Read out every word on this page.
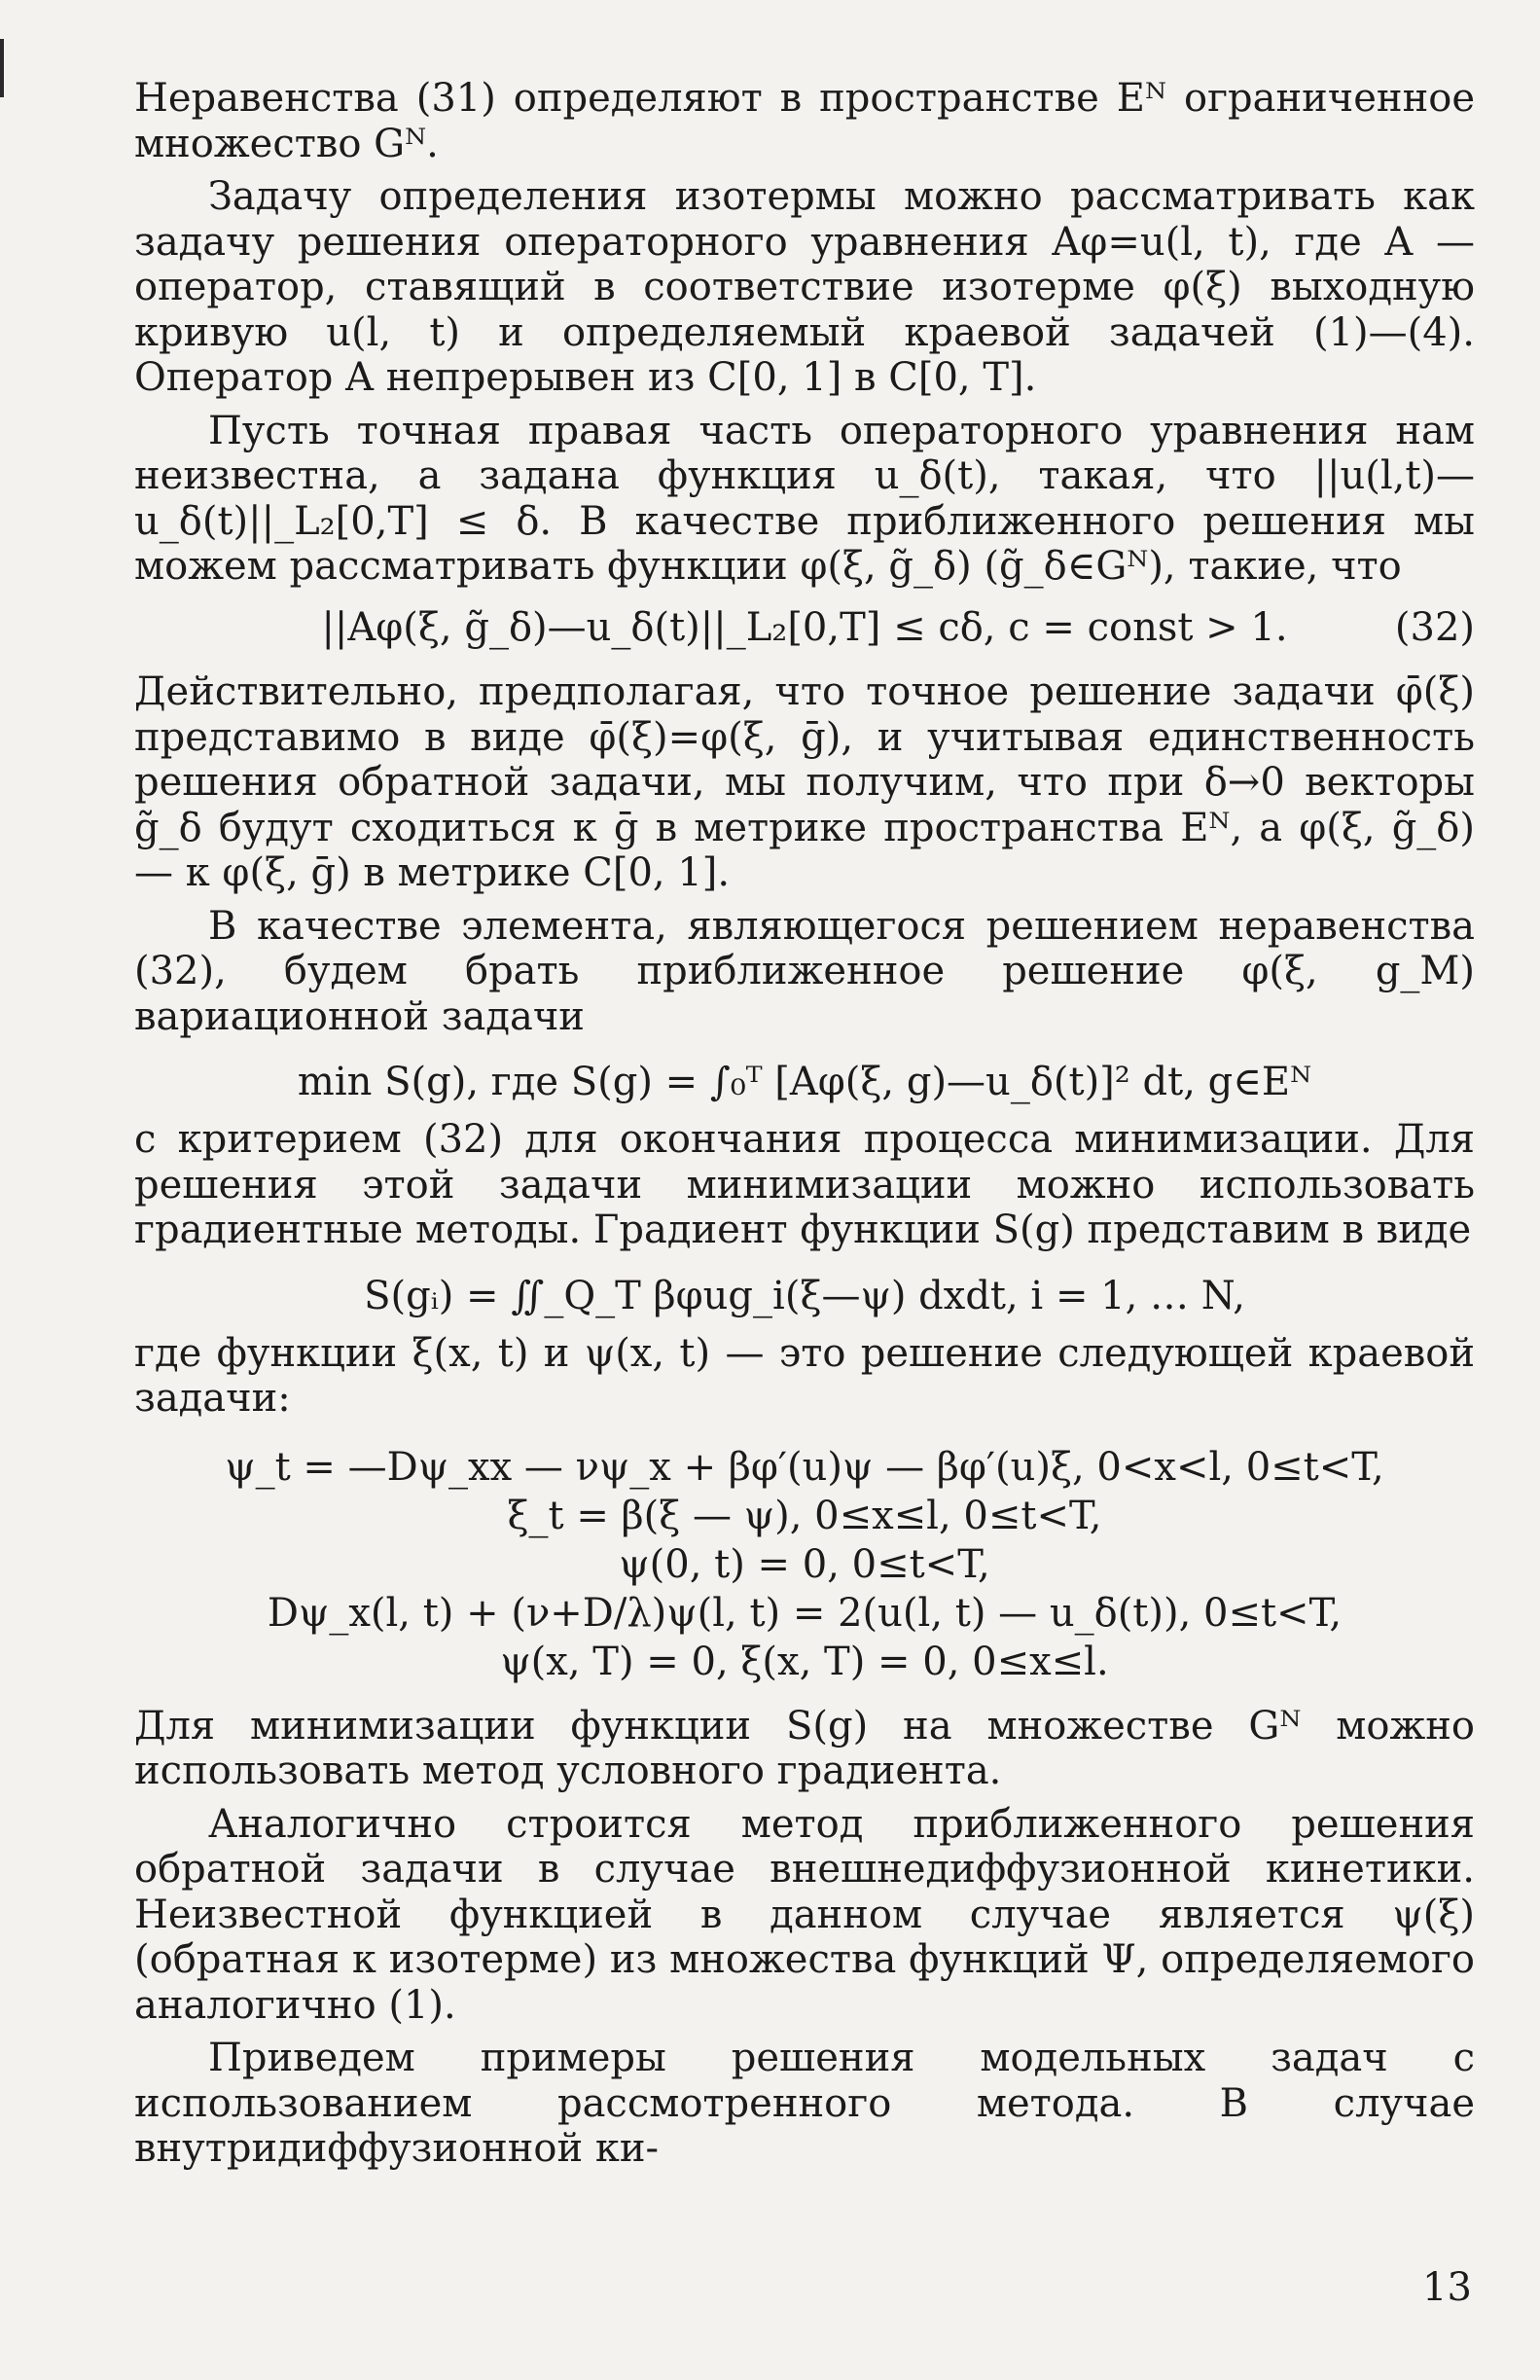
Неравенства (31) определяют в пространстве Eᴺ ограниченное множество Gᴺ.

Задачу определения изотермы можно рассматривать как задачу решения операторного уравнения Aφ=u(l, t), где A — оператор, ставящий в соответствие изотерме φ(ξ) выходную кривую u(l, t) и определяемый краевой задачей (1)—(4). Оператор A непрерывен из C[0, 1] в C[0, T].

Пусть точная правая часть операторного уравнения нам неизвестна, а задана функция u_δ(t), такая, что ||u(l,t)—u_δ(t)||_L₂[0,T] ≤ δ. В качестве приближенного решения мы можем рассматривать функции φ(ξ, g̃_δ) (g̃_δ∈Gᴺ), такие, что

||Aφ(ξ, g̃_δ)—u_δ(t)||_L₂[0,T] ≤ cδ, c = const > 1.	(32)

Действительно, предполагая, что точное решение задачи φ̄(ξ) представимо в виде φ̄(ξ)=φ(ξ, ḡ), и учитывая единственность решения обратной задачи, мы получим, что при δ→0 векторы g̃_δ будут сходиться к ḡ в метрике пространства Eᴺ, а φ(ξ, g̃_δ) — к φ(ξ, ḡ) в метрике C[0, 1].

В качестве элемента, являющегося решением неравенства (32), будем брать приближенное решение φ(ξ, g_M) вариационной задачи

min S(g), где S(g) = ∫₀ᵀ [Aφ(ξ, g)—u_δ(t)]² dt, g∈Eᴺ

с критерием (32) для окончания процесса минимизации. Для решения этой задачи минимизации можно использовать градиентные методы. Градиент функции S(g) представим в виде

S(gᵢ) = ∬_Q_T βφug_i(ξ—ψ) dxdt, i = 1, … N,

где функции ξ(x, t) и ψ(x, t) — это решение следующей краевой задачи:

ψ_t = —Dψ_xx — νψ_x + βφ′(u)ψ — βφ′(u)ξ, 0<x<l, 0≤t<T,
ξ_t = β(ξ — ψ), 0≤x≤l, 0≤t<T,
ψ(0, t) = 0, 0≤t<T,
Dψ_x(l, t) + (ν+D/λ)ψ(l, t) = 2(u(l, t) — u_δ(t)), 0≤t<T,
ψ(x, T) = 0, ξ(x, T) = 0, 0≤x≤l.

Для минимизации функции S(g) на множестве Gᴺ можно использовать метод условного градиента.

Аналогично строится метод приближенного решения обратной задачи в случае внешнедиффузионной кинетики. Неизвестной функцией в данном случае является ψ(ξ) (обратная к изотерме) из множества функций Ψ, определяемого аналогично (1).

Приведем примеры решения модельных задач с использованием рассмотренного метода. В случае внутридиффузионной ки-

13
